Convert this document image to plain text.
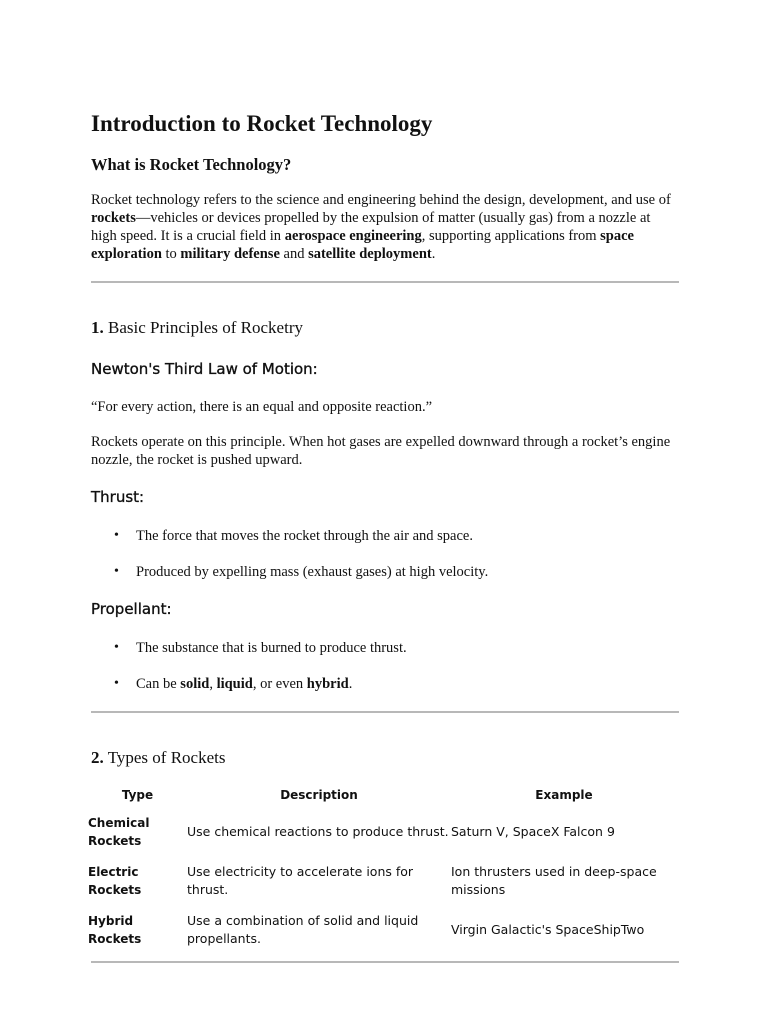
Introduction to Rocket Technology
What is Rocket Technology?

Rocket technology refers to the science and engineering behind the design, development, and use of rockets—vehicles or devices propelled by the expulsion of matter (usually gas) from a nozzle at high speed. It is a crucial field in aerospace engineering, supporting applications from space exploration to military defense and satellite deployment.

1. Basic Principles of Rocketry
Newton's Third Law of Motion:

“For every action, there is an equal and opposite reaction.”

Rockets operate on this principle. When hot gases are expelled downward through a rocket’s engine nozzle, the rocket is pushed upward.

Thrust:
• The force that moves the rocket through the air and space.
• Produced by expelling mass (exhaust gases) at high velocity.
Propellant:
• The substance that is burned to produce thrust.
• Can be solid, liquid, or even hybrid.
2. Types of Rockets
Type	Description	Example
Chemical Rockets	Use chemical reactions to produce thrust.	Saturn V, SpaceX Falcon 9
Electric Rockets	Use electricity to accelerate ions for thrust.	Ion thrusters used in deep-space missions
Hybrid Rockets	Use a combination of solid and liquid propellants.	Virgin Galactic's SpaceShipTwo
